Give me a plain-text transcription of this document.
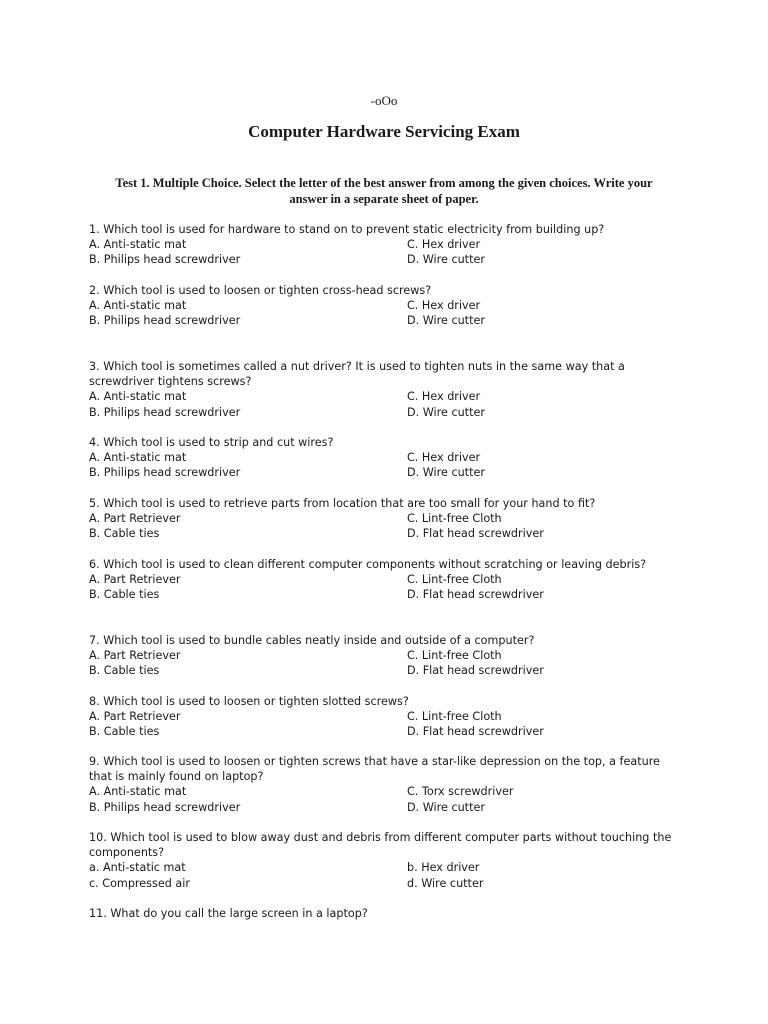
-oOo
Computer Hardware Servicing Exam
Test 1. Multiple Choice. Select the letter of the best answer from among the given choices. Write your answer in a separate sheet of paper.
1. Which tool is used for hardware to stand on to prevent static electricity from building up?
A. Anti-static mat
B. Philips head screwdriver
C. Hex driver
D. Wire cutter
2. Which tool is used to loosen or tighten cross-head screws?
A. Anti-static mat
B. Philips head screwdriver
C. Hex driver
D. Wire cutter
3. Which tool is sometimes called a nut driver? It is used to tighten nuts in the same way that a screwdriver tightens screws?
A. Anti-static mat
B. Philips head screwdriver
C. Hex driver
D. Wire cutter
4. Which tool is used to strip and cut wires?
A. Anti-static mat
B. Philips head screwdriver
C. Hex driver
D. Wire cutter
5. Which tool is used to retrieve parts from location that are too small for your hand to fit?
A. Part Retriever
B. Cable ties
C. Lint-free Cloth
D. Flat head screwdriver
6. Which tool is used to clean different computer components without scratching or leaving debris?
A. Part Retriever
B. Cable ties
C. Lint-free Cloth
D. Flat head screwdriver
7. Which tool is used to bundle cables neatly inside and outside of a computer?
A. Part Retriever
B. Cable ties
C. Lint-free Cloth
D. Flat head screwdriver
8. Which tool is used to loosen or tighten slotted screws?
A. Part Retriever
B. Cable ties
C. Lint-free Cloth
D. Flat head screwdriver
9. Which tool is used to loosen or tighten screws that have a star-like depression on the top, a feature that is mainly found on laptop?
A. Anti-static mat
B. Philips head screwdriver
C. Torx screwdriver
D. Wire cutter
10. Which tool is used to blow away dust and debris from different computer parts without touching the components?
a. Anti-static mat
c. Compressed air
b. Hex driver
d. Wire cutter
11. What do you call the large screen in a laptop?
